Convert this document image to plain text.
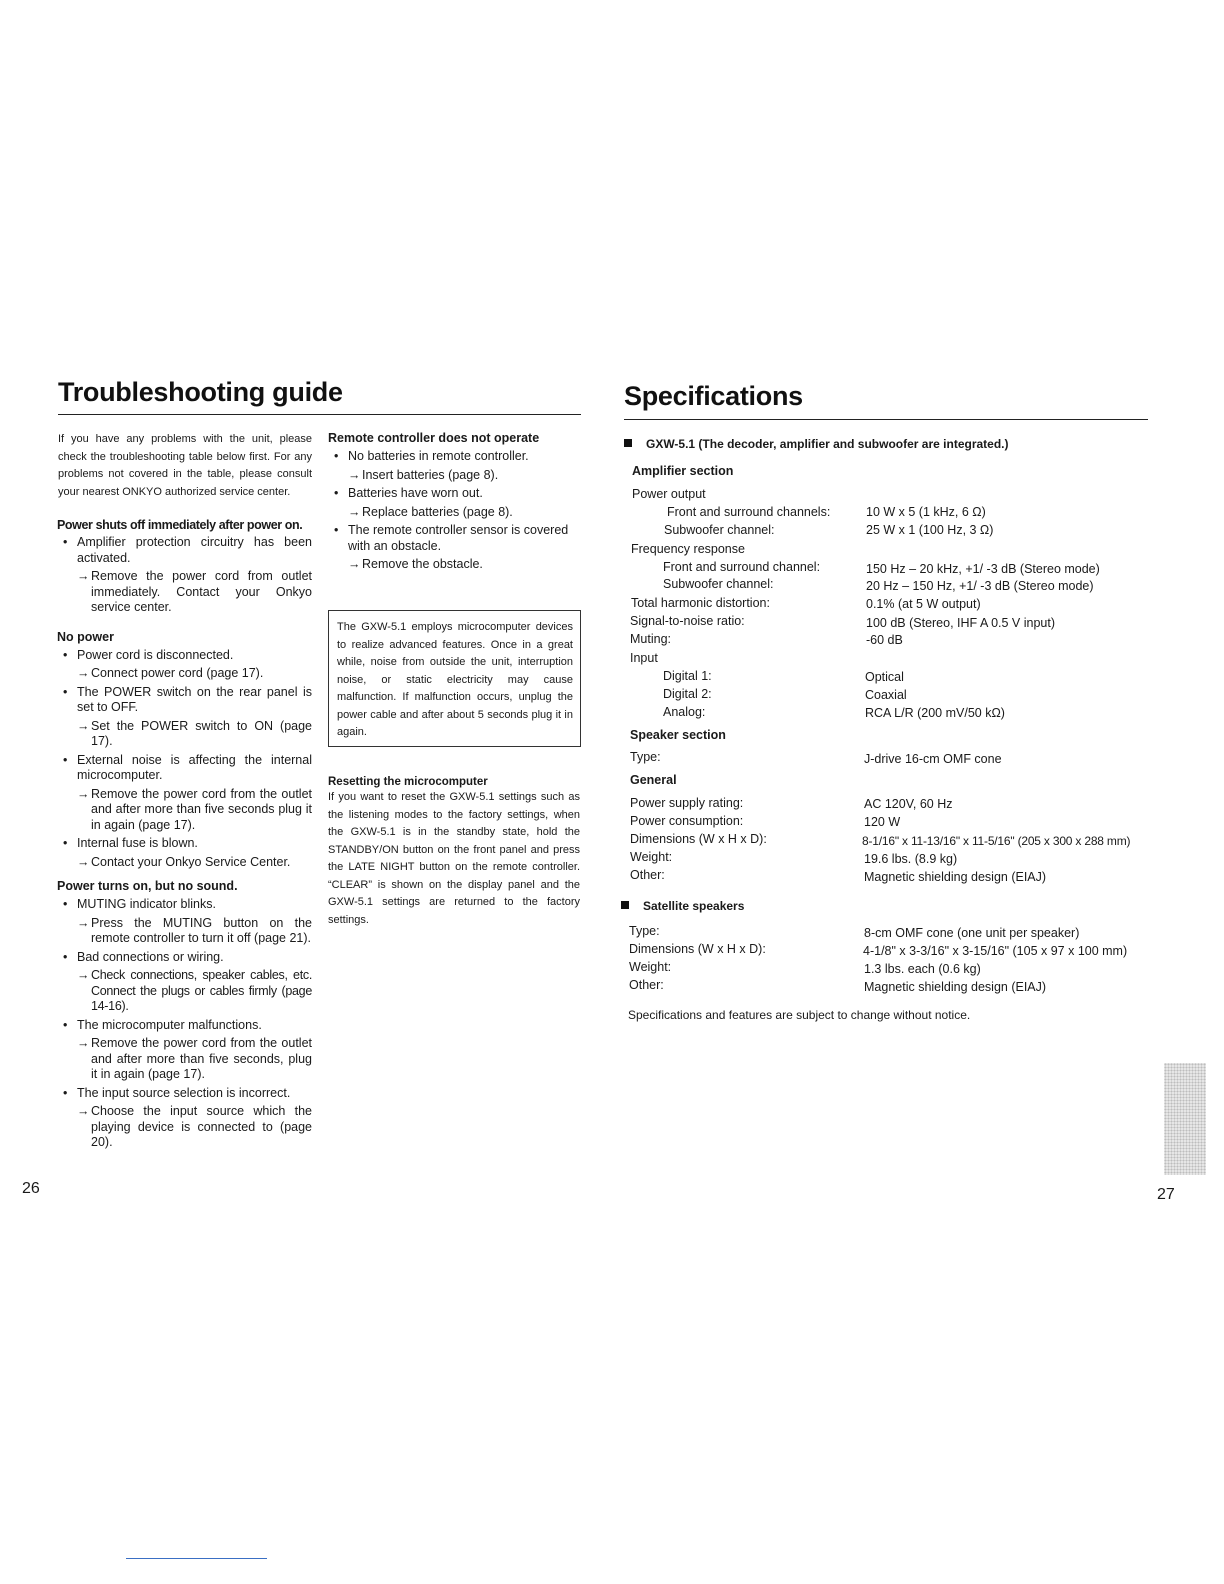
Troubleshooting guide
If you have any problems with the unit, please check the troubleshooting table below first. For any problems not covered in the table, please consult your nearest ONKYO authorized service center.
Power shuts off immediately after power on.
• Amplifier protection circuitry has been activated.
→ Remove the power cord from outlet immediately. Contact your Onkyo service center.
No power
• Power cord is disconnected.
→ Connect power cord (page 17).
• The POWER switch on the rear panel is set to OFF.
→ Set the POWER switch to ON (page 17).
• External noise is affecting the internal microcomputer.
→ Remove the power cord from the outlet and after more than five seconds plug it in again (page 17).
• Internal fuse is blown.
→ Contact your Onkyo Service Center.
Power turns on, but no sound.
• MUTING indicator blinks.
→ Press the MUTING button on the remote controller to turn it off (page 21).
• Bad connections or wiring.
→ Check connections, speaker cables, etc. Connect the plugs or cables firmly (page 14-16).
• The microcomputer malfunctions.
→ Remove the power cord from the outlet and after more than five seconds, plug it in again (page 17).
• The input source selection is incorrect.
→ Choose the input source which the playing device is connected to (page 20).
Remote controller does not operate
• No batteries in remote controller.
→ Insert batteries (page 8).
• Batteries have worn out.
→ Replace batteries (page 8).
• The remote controller sensor is covered with an obstacle.
→ Remove the obstacle.
The GXW-5.1 employs microcomputer devices to realize advanced features. Once in a great while, noise from outside the unit, interruption noise, or static electricity may cause malfunction. If malfunction occurs, unplug the power cable and after about 5 seconds plug it in again.
Resetting the microcomputer
If you want to reset the GXW-5.1 settings such as the listening modes to the factory settings, when the GXW-5.1 is in the standby state, hold the STANDBY/ON button on the front panel and press the LATE NIGHT button on the remote controller. “CLEAR” is shown on the display panel and the GXW-5.1 settings are returned to the factory settings.
26
Specifications
GXW-5.1 (The decoder, amplifier and subwoofer are integrated.)
Amplifier section
Power output
Front and surround channels:	10 W x 5 (1 kHz, 6 Ω)
Subwoofer channel:	25 W x 1 (100 Hz, 3 Ω)
Frequency response
Front and surround channel:	150 Hz – 20 kHz, +1/ -3 dB (Stereo mode)
Subwoofer channel:	20 Hz – 150 Hz, +1/ -3 dB (Stereo mode)
Total harmonic distortion:	0.1% (at 5 W output)
Signal-to-noise ratio:	100 dB (Stereo, IHF A 0.5 V input)
Muting:	-60 dB
Input
Digital 1:	Optical
Digital 2:	Coaxial
Analog:	RCA L/R (200 mV/50 kΩ)
Speaker section
Type:	J-drive 16-cm OMF cone
General
Power supply rating:	AC 120V, 60 Hz
Power consumption:	120 W
Dimensions (W x H x D):	8-1/16" x 11-13/16" x 11-5/16" (205 x 300 x 288 mm)
Weight:	19.6 lbs. (8.9 kg)
Other:	Magnetic shielding design (EIAJ)
Satellite speakers
Type:	8-cm OMF cone (one unit per speaker)
Dimensions (W x H x D):	4-1/8" x 3-3/16" x 3-15/16" (105 x 97 x 100 mm)
Weight:	1.3 lbs. each (0.6 kg)
Other:	Magnetic shielding design (EIAJ)
Specifications and features are subject to change without notice.
27
